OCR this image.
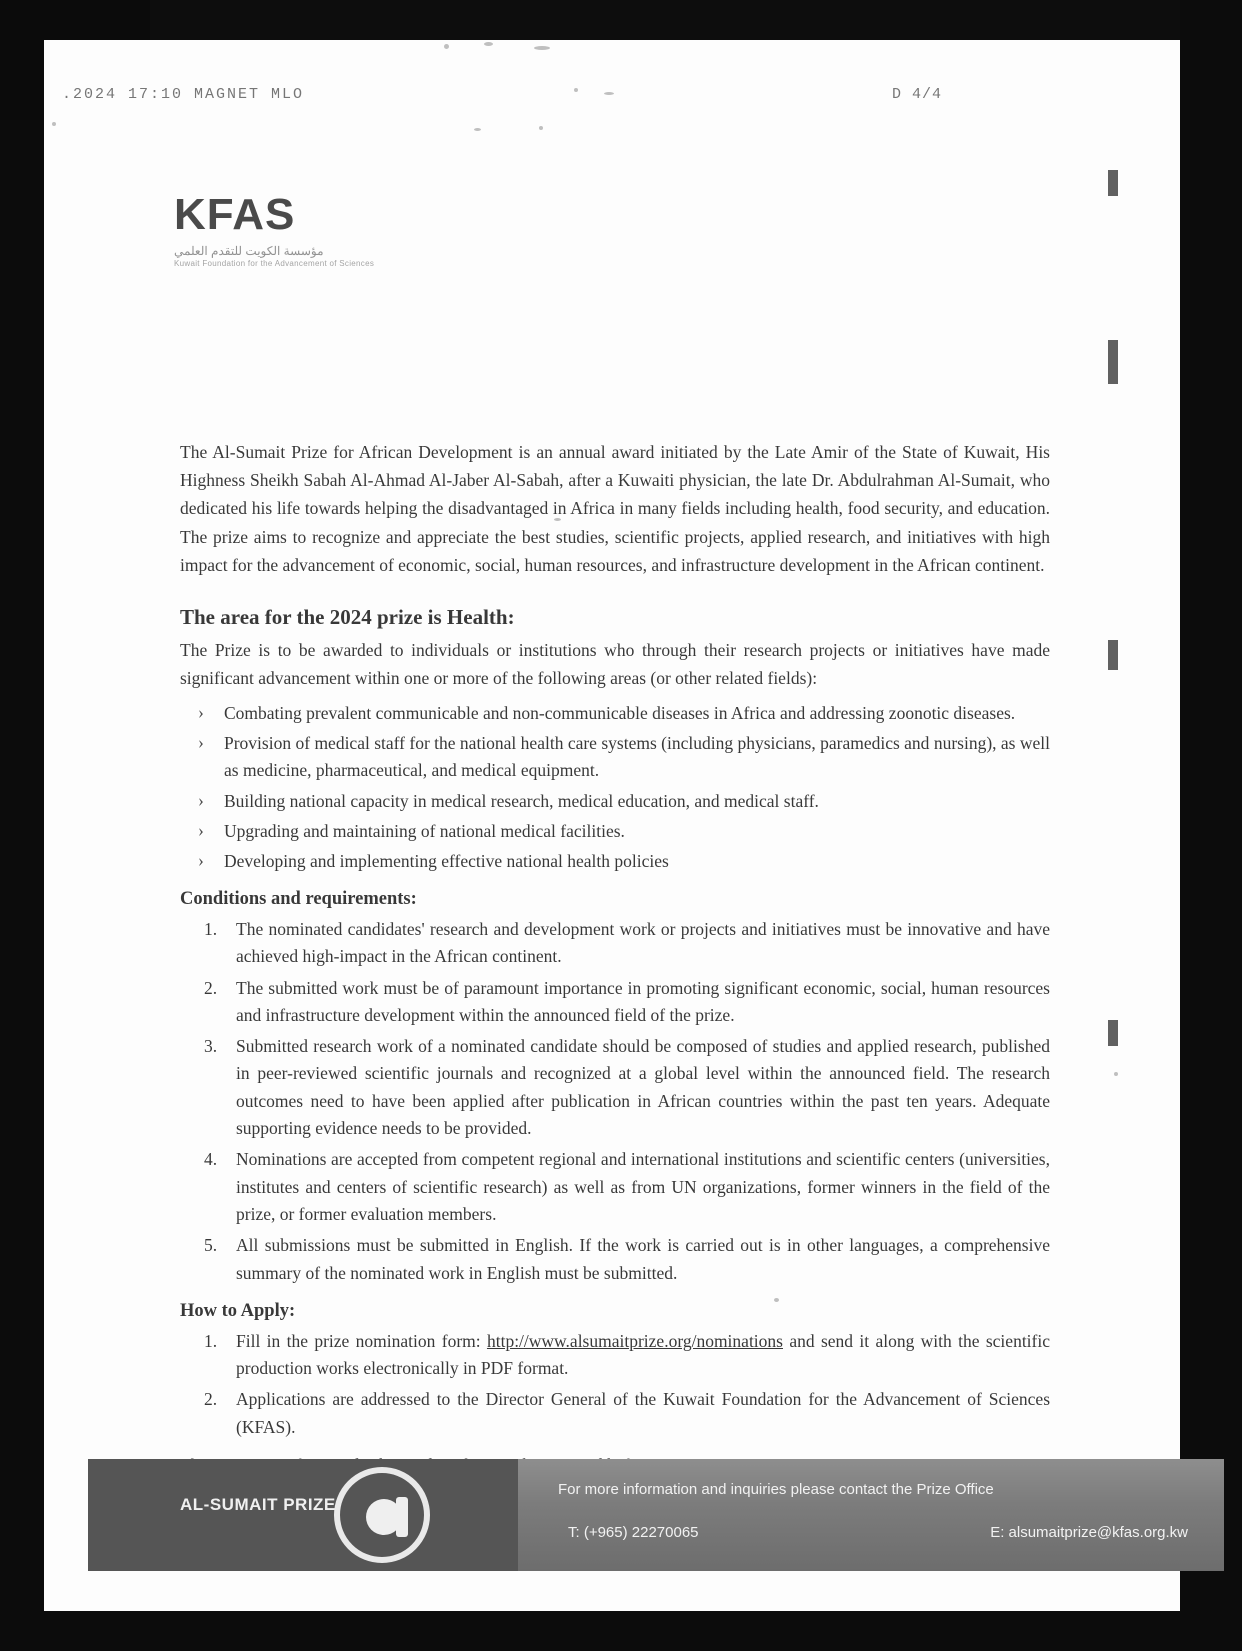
.2024 17:10 MAGNET MLO	D 4/4
KFAS
مؤسسة الكويت للتقدم العلمي
Kuwait Foundation for the Advancement of Sciences

The Al-Sumait Prize for African Development is an annual award initiated by the Late Amir of the State of Kuwait, His Highness Sheikh Sabah Al-Ahmad Al-Jaber Al-Sabah, after a Kuwaiti physician, the late Dr. Abdulrahman Al-Sumait, who dedicated his life towards helping the disadvantaged in Africa in many fields including health, food security, and education. The prize aims to recognize and appreciate the best studies, scientific projects, applied research, and initiatives with high impact for the advancement of economic, social, human resources, and infrastructure development in the African continent.

The area for the 2024 prize is Health:

The Prize is to be awarded to individuals or institutions who through their research projects or initiatives have made significant advancement within one or more of the following areas (or other related fields):

› Combating prevalent communicable and non-communicable diseases in Africa and addressing zoonotic diseases.
› Provision of medical staff for the national health care systems (including physicians, paramedics and nursing), as well as medicine, pharmaceutical, and medical equipment.
› Building national capacity in medical research, medical education, and medical staff.
› Upgrading and maintaining of national medical facilities.
› Developing and implementing effective national health policies
Conditions and requirements:
The nominated candidates' research and development work or projects and initiatives must be innovative and have achieved high-impact in the African continent.
The submitted work must be of paramount importance in promoting significant economic, social, human resources and infrastructure development within the announced field of the prize.
Submitted research work of a nominated candidate should be composed of studies and applied research, published in peer-reviewed scientific journals and recognized at a global level within the announced field. The research outcomes need to have been applied after publication in African countries within the past ten years. Adequate supporting evidence needs to be provided.
Nominations are accepted from competent regional and international institutions and scientific centers (universities, institutes and centers of scientific research) as well as from UN organizations, former winners in the field of the prize, or former evaluation members.
All submissions must be submitted in English. If the work is carried out is in other languages, a comprehensive summary of the nominated work in English must be submitted.
How to Apply:
Fill in the prize nomination form: http://www.alsumaitprize.org/nominations and send it along with the scientific production works electronically in PDF format.
Applications are addressed to the Director General of the Kuwait Foundation for the Advancement of Sciences (KFAS).

AL-SUMAIT PRIZE
For more information and inquiries please contact the Prize Office
T: (+965) 22270065	E: alsumaitprize@kfas.org.kw
